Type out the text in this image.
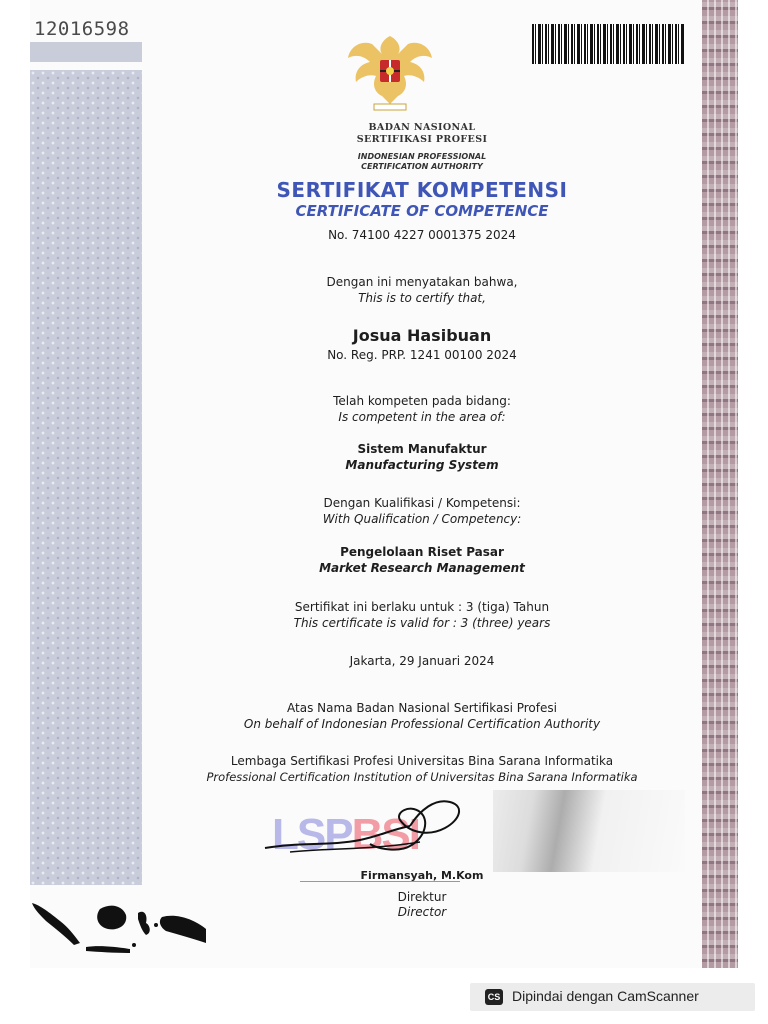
12016598
BADAN NASIONAL
SERTIFIKASI PROFESI
INDONESIAN PROFESSIONAL
CERTIFICATION AUTHORITY
SERTIFIKAT KOMPETENSI
CERTIFICATE OF COMPETENCE
No. 74100 4227 0001375 2024
Dengan ini menyatakan bahwa,
This is to certify that,
Josua Hasibuan
No. Reg. PRP. 1241 00100 2024
Telah kompeten pada bidang:
Is competent in the area of:
Sistem Manufaktur
Manufacturing System
Dengan Kualifikasi / Kompetensi:
With Qualification / Competency:
Pengelolaan Riset Pasar
Market Research Management
Sertifikat ini berlaku untuk : 3 (tiga) Tahun
This certificate is valid for : 3 (three) years
Jakarta, 29 Januari 2024
Atas Nama Badan Nasional Sertifikasi Profesi
On behalf of Indonesian Professional Certification Authority
Lembaga Sertifikasi Profesi Universitas Bina Sarana Informatika
Professional Certification Institution of Universitas Bina Sarana Informatika
LSPBSI
Firmansyah, M.Kom
Direktur
Director
CS Dipindai dengan CamScanner
